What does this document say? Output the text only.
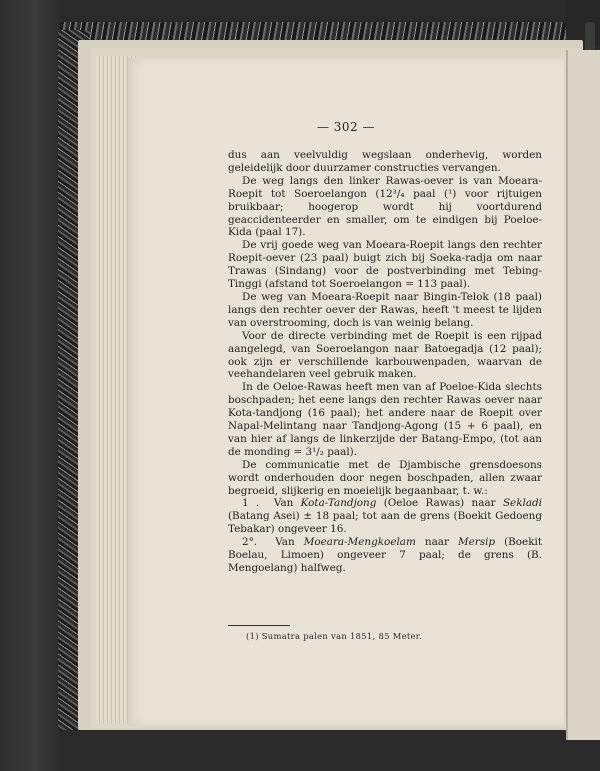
— 302 —

dus aan veelvuldig wegslaan onderhevig, worden geleidelijk door duurzamer constructies vervangen.

De weg langs den linker Rawas-oever is van Moeara-Roepit tot Soeroelangon (12³/₄ paal (¹) voor rijtuigen bruikbaar; hoogerop wordt hij voortdurend geaccidenteerder en smaller, om te eindigen bij Poeloe-Kida (paal 17).

De vrij goede weg van Moeara-Roepit langs den rechter Roepit-oever (23 paal) buigt zich bij Soeka-radja om naar Trawas (Sindang) voor de postverbinding met Tebing-Tinggi (afstand tot Soeroelangon = 113 paal).

De weg van Moeara-Roepit naar Bingin-Telok (18 paal) langs den rechter oever der Rawas, heeft 't meest te lijden van overstrooming, doch is van weinig belang.

Voor de directe verbinding met de Roepit is een rijpad aangelegd, van Soeroelangon naar Batoegadja (12 paal); ook zijn er verschillende karbouwenpaden, waarvan de veehandelaren veel gebruik maken.

In de Oeloe-Rawas heeft men van af Poeloe-Kida slechts boschpaden; het eene langs den rechter Rawas oever naar Kota-tandjong (16 paal); het andere naar de Roepit over Napal-Melintang naar Tandjong-Agong (15 + 6 paal), en van hier af langs de linkerzijde der Batang-Empo, (tot aan de monding = 3¹/₂ paal).

De communicatie met de Djambische grensdoesons wordt onderhouden door negen boschpaden, allen zwaar begroeid, slijkerig en moeielijk begaanbaar, t. w.:

1 . Van Kota-Tandjong (Oeloe Rawas) naar Sekladi (Batang Asei) ± 18 paal; tot aan de grens (Boekit Gedoeng Tebakar) ongeveer 16.

2°. Van Moeara-Mengkoelam naar Mersip (Boekit Boelau, Limoen) ongeveer 7 paal; de grens (B. Mengoelang) halfweg.

(1) Sumatra palen van 1851, 85 Meter.
